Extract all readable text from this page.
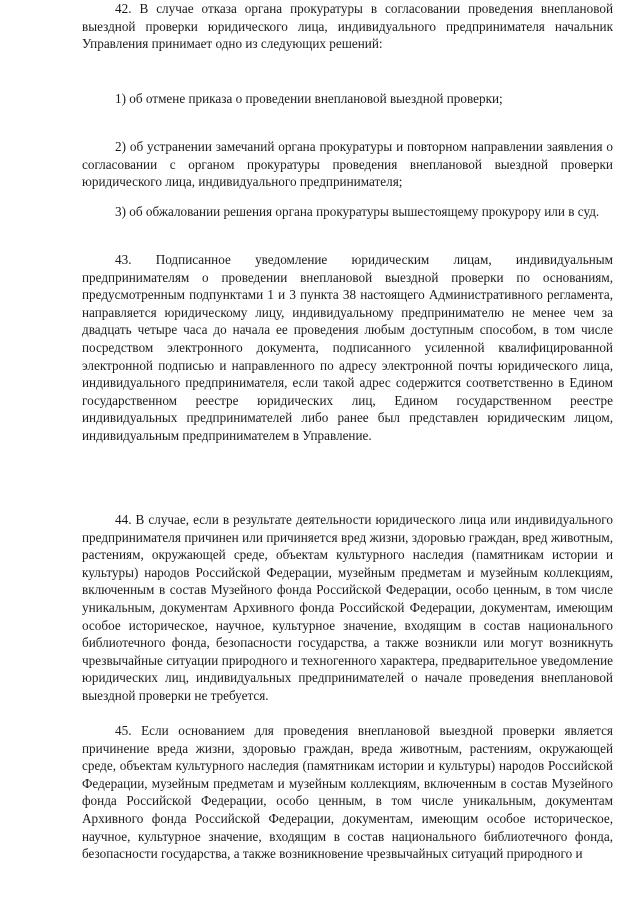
42. В случае отказа органа прокуратуры в согласовании проведения внеплановой выездной проверки юридического лица, индивидуального предпринимателя начальник Управления принимает одно из следующих решений:

1) об отмене приказа о проведении внеплановой выездной проверки;

2) об устранении замечаний органа прокуратуры и повторном направлении заявления о согласовании с органом прокуратуры проведения внеплановой выездной проверки юридического лица, индивидуального предпринимателя;

3) об обжаловании решения органа прокуратуры вышестоящему прокурору или в суд.

43. Подписанное уведомление юридическим лицам, индивидуальным предпринимателям о проведении внеплановой выездной проверки по основаниям, предусмотренным подпунктами 1 и 3 пункта 38 настоящего Административного регламента, направляется юридическому лицу, индивидуальному предпринимателю не менее чем за двадцать четыре часа до начала ее проведения любым доступным способом, в том числе посредством электронного документа, подписанного усиленной квалифицированной электронной подписью и направленного по адресу электронной почты юридического лица, индивидуального предпринимателя, если такой адрес содержится соответственно в Едином государственном реестре юридических лиц, Едином государственном реестре индивидуальных предпринимателей либо ранее был представлен юридическим лицом, индивидуальным предпринимателем в Управление.

44. В случае, если в результате деятельности юридического лица или индивидуального предпринимателя причинен или причиняется вред жизни, здоровью граждан, вред животным, растениям, окружающей среде, объектам культурного наследия (памятникам истории и культуры) народов Российской Федерации, музейным предметам и музейным коллекциям, включенным в состав Музейного фонда Российской Федерации, особо ценным, в том числе уникальным, документам Архивного фонда Российской Федерации, документам, имеющим особое историческое, научное, культурное значение, входящим в состав национального библиотечного фонда, безопасности государства, а также возникли или могут возникнуть чрезвычайные ситуации природного и техногенного характера, предварительное уведомление юридических лиц, индивидуальных предпринимателей о начале проведения внеплановой выездной проверки не требуется.

45. Если основанием для проведения внеплановой выездной проверки является причинение вреда жизни, здоровью граждан, вреда животным, растениям, окружающей среде, объектам культурного наследия (памятникам истории и культуры) народов Российской Федерации, музейным предметам и музейным коллекциям, включенным в состав Музейного фонда Российской Федерации, особо ценным, в том числе уникальным, документам Архивного фонда Российской Федерации, документам, имеющим особое историческое, научное, культурное значение, входящим в состав национального библиотечного фонда, безопасности государства, а также возникновение чрезвычайных ситуаций природного и
